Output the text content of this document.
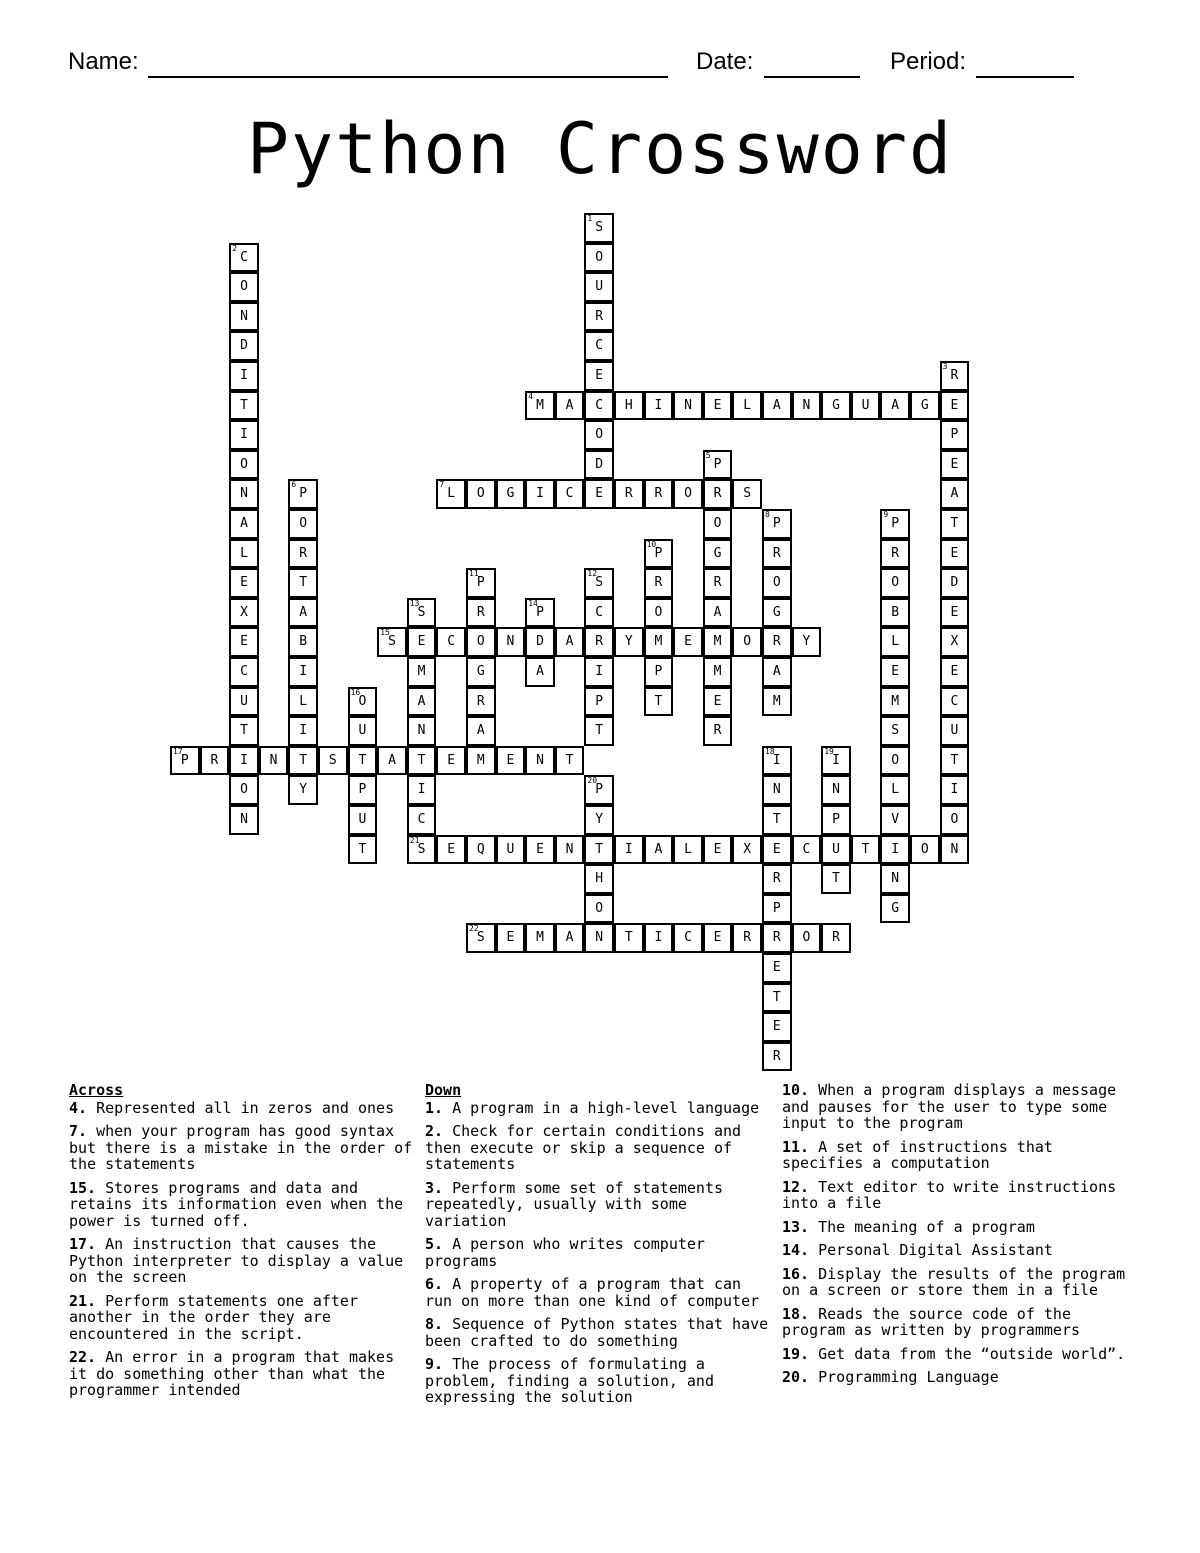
Name:	Date:	Period:
Python Crossword
4
M	A	C	H	I	N	E	L	A	N	G	U	A	G	E
7
L	O	G	I	C	E	R	R	O	R	S
15
S	E	C	O	N	D	A	R	Y	M	E	M	O	R	Y
17
P	R	I	N	T	S	T	A	T	E	M	E	N	T
21
S	E	Q	U	E	N	T	I	A	L	E	X	E	C	U	T	I	O	N
22
S	E	M	A	N	T	I	C	E	R	R	O	R
1
S
O
U
R
C
E
O
D
2
C
O
N
D
I
T
I
O
N
A
L
E
X
E
C
U
T
O
N
3
R
P
E
A
T
E
D
E
X
E
C
U
T
I
O
5
P
O
G
R
A
M
E
R
6
P
O
R
T
A
B
I
L
I
Y
8
P
R
O
G
A
M
9
P
R
O
B
L
E
M
S
O
L
V
N
G
10
P
R
O
P
T
11
P
R
G
R
A
12
S
C
I
P
T
13
S
M
A
N
I
C
14
P
A
16
O
U
P
U
T
18
I
N
T
R
P
E
T
E
R
19
I
N
P
T
20
P
Y
H
O
Across
4. Represented all in zeros and ones
7. when your program has good syntax but there is a mistake in the order of the statements
15. Stores programs and data and retains its information even when the power is turned off.
17. An instruction that causes the Python interpreter to display a value on the screen
21. Perform statements one after another in the order they are encountered in the script.
22. An error in a program that makes it do something other than what the programmer intended
Down
1. A program in a high-level language
2. Check for certain conditions and then execute or skip a sequence of statements
3. Perform some set of statements repeatedly, usually with some variation
5. A person who writes computer programs
6. A property of a program that can run on more than one kind of computer
8. Sequence of Python states that have been crafted to do something
9. The process of formulating a problem, finding a solution, and expressing the solution
10. When a program displays a message and pauses for the user to type some input to the program
11. A set of instructions that specifies a computation
12. Text editor to write instructions into a file
13. The meaning of a program
14. Personal Digital Assistant
16. Display the results of the program on a screen or store them in a file
18. Reads the source code of the program as written by programmers
19. Get data from the “outside world”.
20. Programming Language
